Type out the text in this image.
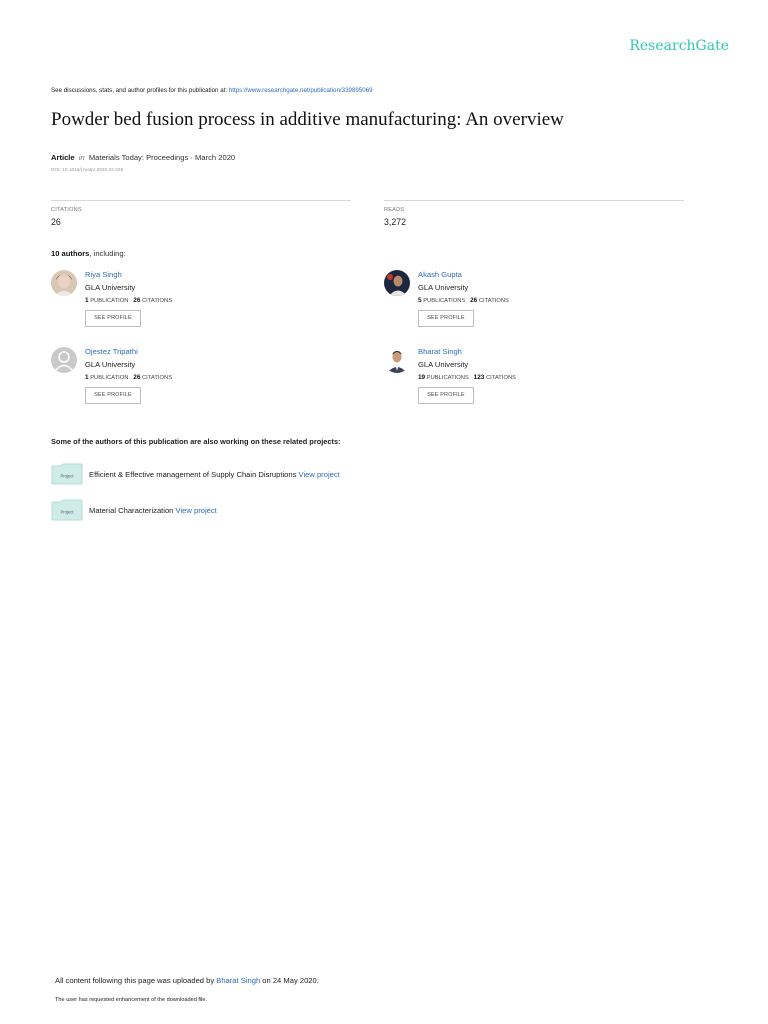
ResearchGate
See discussions, stats, and author profiles for this publication at: https://www.researchgate.net/publication/339895069
Powder bed fusion process in additive manufacturing: An overview
Article in Materials Today: Proceedings · March 2020
DOI: 10.1016/j.matpr.2020.02.635
CITATIONS
26
READS
3,272
10 authors, including:
Riya Singh
GLA University
1 PUBLICATION 26 CITATIONS
SEE PROFILE
Akash Gupta
GLA University
5 PUBLICATIONS 26 CITATIONS
SEE PROFILE
Ojestez Tripathi
GLA University
1 PUBLICATION 26 CITATIONS
SEE PROFILE
Bharat Singh
GLA University
19 PUBLICATIONS 123 CITATIONS
SEE PROFILE
Some of the authors of this publication are also working on these related projects:
Project Efficient & Effective management of Supply Chain Disruptions View project
Project Material Characterization View project
All content following this page was uploaded by Bharat Singh on 24 May 2020.
The user has requested enhancement of the downloaded file.
